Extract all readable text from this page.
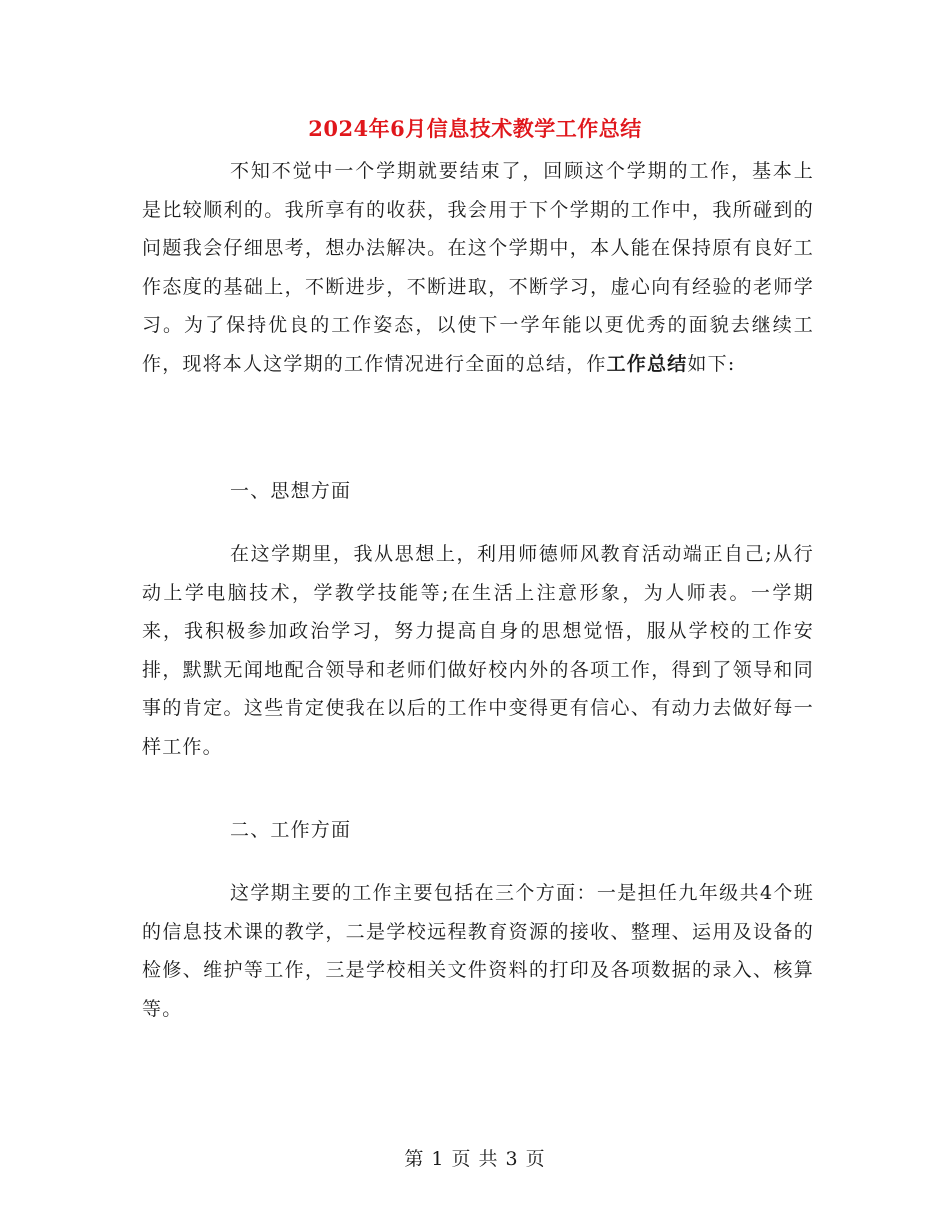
2024年6月信息技术教学工作总结
不知不觉中一个学期就要结束了，回顾这个学期的工作，基本上是比较顺利的。我所享有的收获，我会用于下个学期的工作中，我所碰到的问题我会仔细思考，想办法解决。在这个学期中，本人能在保持原有良好工作态度的基础上，不断进步，不断进取，不断学习，虚心向有经验的老师学习。为了保持优良的工作姿态，以使下一学年能以更优秀的面貌去继续工作，现将本人这学期的工作情况进行全面的总结，作工作总结如下:
一、思想方面
在这学期里，我从思想上，利用师德师风教育活动端正自己;从行动上学电脑技术，学教学技能等;在生活上注意形象，为人师表。一学期来，我积极参加政治学习，努力提高自身的思想觉悟，服从学校的工作安排，默默无闻地配合领导和老师们做好校内外的各项工作，得到了领导和同事的肯定。这些肯定使我在以后的工作中变得更有信心、有动力去做好每一样工作。
二、工作方面
这学期主要的工作主要包括在三个方面：一是担任九年级共4个班的信息技术课的教学，二是学校远程教育资源的接收、整理、运用及设备的检修、维护等工作，三是学校相关文件资料的打印及各项数据的录入、核算等。
第 1 页 共 3 页
